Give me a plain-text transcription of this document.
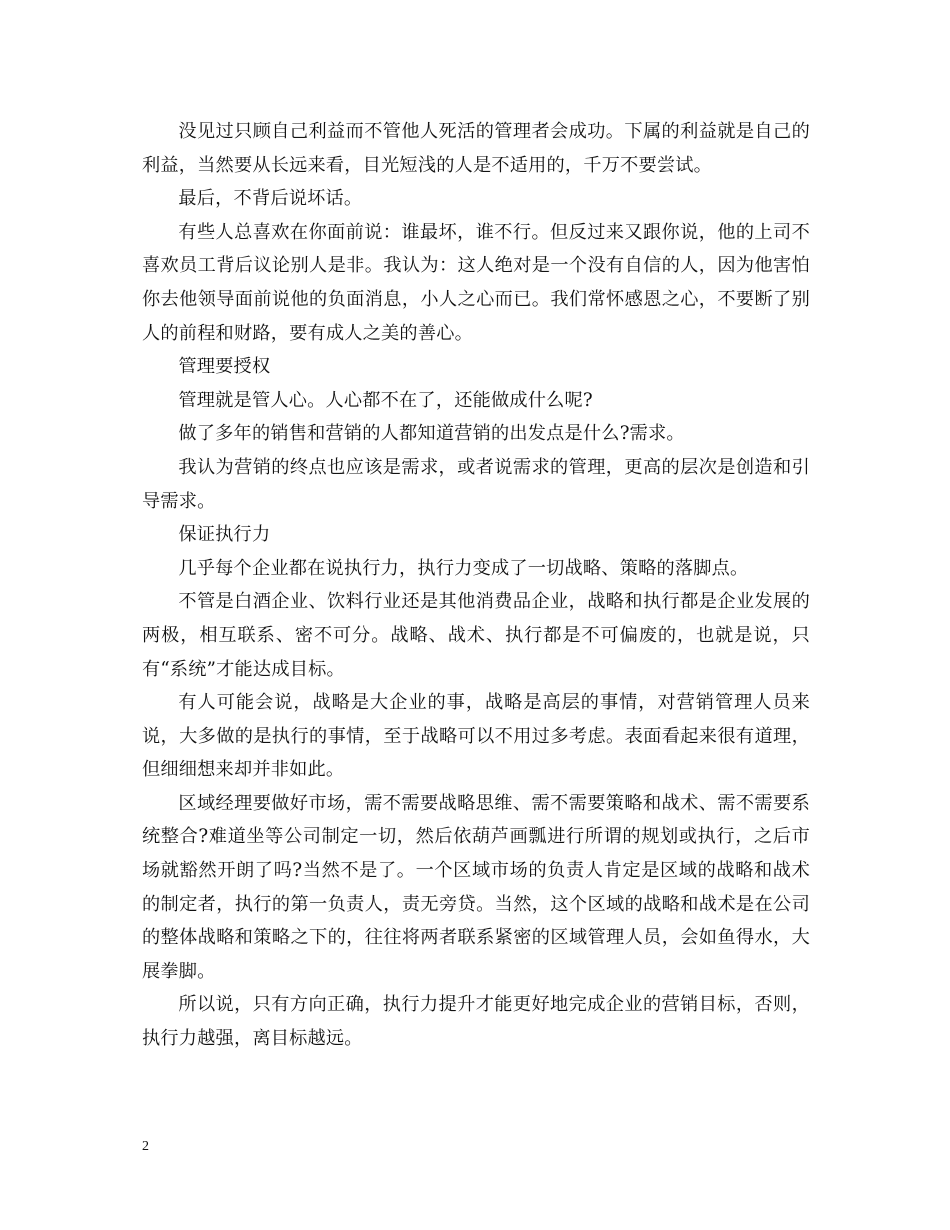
没见过只顾自己利益而不管他人死活的管理者会成功。下属的利益就是自己的利益，当然要从长远来看，目光短浅的人是不适用的，千万不要尝试。

最后，不背后说坏话。

有些人总喜欢在你面前说：谁最坏，谁不行。但反过来又跟你说，他的上司不喜欢员工背后议论别人是非。我认为：这人绝对是一个没有自信的人，因为他害怕你去他领导面前说他的负面消息，小人之心而已。我们常怀感恩之心，不要断了别人的前程和财路，要有成人之美的善心。

管理要授权

管理就是管人心。人心都不在了，还能做成什么呢?

做了多年的销售和营销的人都知道营销的出发点是什么?需求。

我认为营销的终点也应该是需求，或者说需求的管理，更高的层次是创造和引导需求。

保证执行力

几乎每个企业都在说执行力，执行力变成了一切战略、策略的落脚点。

不管是白酒企业、饮料行业还是其他消费品企业，战略和执行都是企业发展的两极，相互联系、密不可分。战略、战术、执行都是不可偏废的，也就是说，只有“系统”才能达成目标。

有人可能会说，战略是大企业的事，战略是高层的事情，对营销管理人员来说，大多做的是执行的事情，至于战略可以不用过多考虑。表面看起来很有道理，但细细想来却并非如此。

区域经理要做好市场，需不需要战略思维、需不需要策略和战术、需不需要系统整合?难道坐等公司制定一切，然后依葫芦画瓢进行所谓的规划或执行，之后市场就豁然开朗了吗?当然不是了。一个区域市场的负责人肯定是区域的战略和战术的制定者，执行的第一负责人，责无旁贷。当然，这个区域的战略和战术是在公司的整体战略和策略之下的，往往将两者联系紧密的区域管理人员，会如鱼得水，大展拳脚。

所以说，只有方向正确，执行力提升才能更好地完成企业的营销目标，否则，执行力越强，离目标越远。

2
